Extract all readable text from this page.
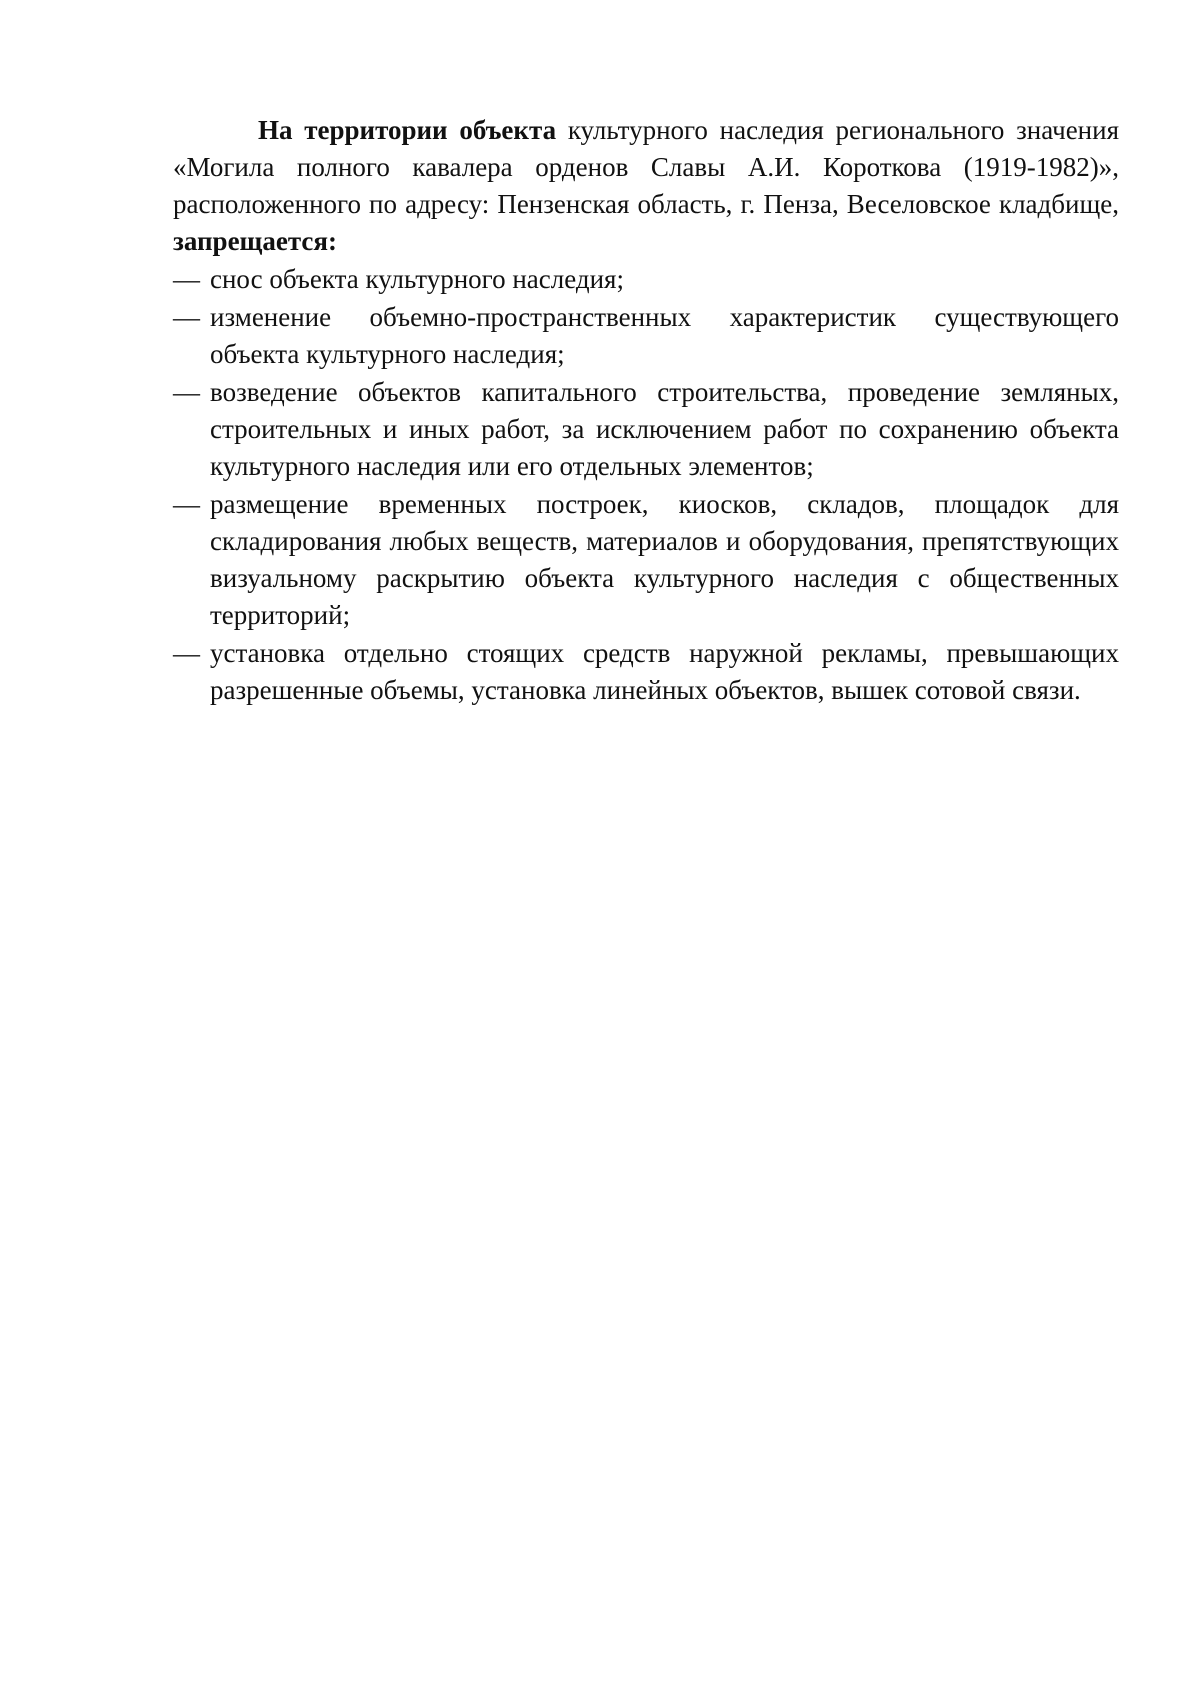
На территории объекта культурного наследия регионального значения «Могила полного кавалера орденов Славы А.И. Короткова (1919-1982)», расположенного по адресу: Пензенская область, г. Пенза, Веселовское кладбище, запрещается:

— снос объекта культурного наследия;
— изменение объемно-пространственных характеристик существующего объекта культурного наследия;
— возведение объектов капитального строительства, проведение земляных, строительных и иных работ, за исключением работ по сохранению объекта культурного наследия или его отдельных элементов;
— размещение временных построек, киосков, складов, площадок для складирования любых веществ, материалов и оборудования, препятствующих визуальному раскрытию объекта культурного наследия с общественных территорий;
— установка отдельно стоящих средств наружной рекламы, превышающих разрешенные объемы, установка линейных объектов, вышек сотовой связи.
